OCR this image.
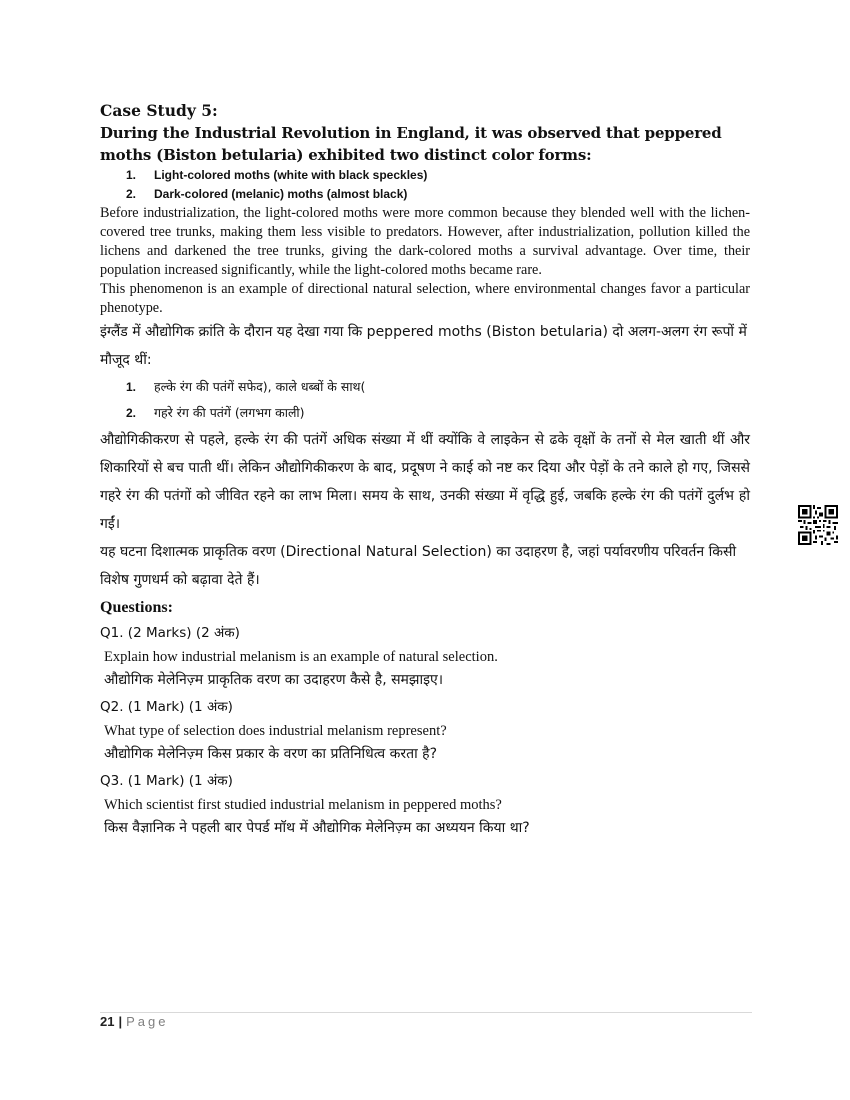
Case Study 5:
During the Industrial Revolution in England, it was observed that peppered moths (Biston betularia) exhibited two distinct color forms:
1.	Light-colored moths (white with black speckles)
2.	Dark-colored (melanic) moths (almost black)
Before industrialization, the light-colored moths were more common because they blended well with the lichen-covered tree trunks, making them less visible to predators. However, after industrialization, pollution killed the lichens and darkened the tree trunks, giving the dark-colored moths a survival advantage. Over time, their population increased significantly, while the light-colored moths became rare.
This phenomenon is an example of directional natural selection, where environmental changes favor a particular phenotype.
इंग्लैंड में औद्योगिक क्रांति के दौरान यह देखा गया कि peppered moths (Biston betularia) दो अलग-अलग रंग रूपों में मौजूद थीं:
1.	हल्के रंग की पतंगें सफेद), काले धब्बों के साथ(
2.	गहरे रंग की पतंगें (लगभग काली)
औद्योगिकीकरण से पहले, हल्के रंग की पतंगें अधिक संख्या में थीं क्योंकि वे लाइकेन से ढके वृक्षों के तनों से मेल खाती थीं और शिकारियों से बच पाती थीं। लेकिन औद्योगिकीकरण के बाद, प्रदूषण ने काई को नष्ट कर दिया और पेड़ों के तने काले हो गए, जिससे गहरे रंग की पतंगों को जीवित रहने का लाभ मिला। समय के साथ, उनकी संख्या में वृद्धि हुई, जबकि हल्के रंग की पतंगें दुर्लभ हो गईं।
यह घटना दिशात्मक प्राकृतिक वरण (Directional Natural Selection) का उदाहरण है, जहां पर्यावरणीय परिवर्तन किसी विशेष गुणधर्म को बढ़ावा देते हैं।
Questions:
Q1. (2 Marks) (2 अंक)
Explain how industrial melanism is an example of natural selection.
औद्योगिक मेलेनिज़्म प्राकृतिक वरण का उदाहरण कैसे है, समझाइए।
Q2. (1 Mark) (1 अंक)
What type of selection does industrial melanism represent?
औद्योगिक मेलेनिज़्म किस प्रकार के वरण का प्रतिनिधित्व करता है?
Q3. (1 Mark) (1 अंक)
Which scientist first studied industrial melanism in peppered moths?
किस वैज्ञानिक ने पहली बार पेपर्ड मॉथ में औद्योगिक मेलेनिज़्म का अध्ययन किया था?
21 | Page
